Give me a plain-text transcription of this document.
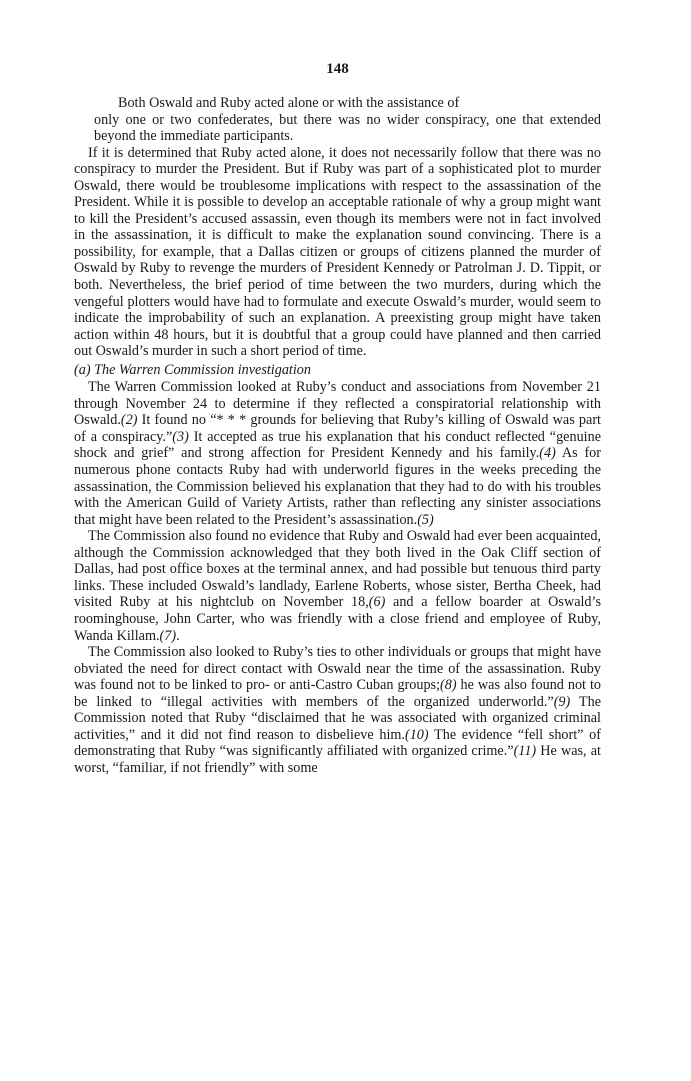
148

Both Oswald and Ruby acted alone or with the assistance of
only one or two confederates, but there was no wider conspiracy, one that extended beyond the immediate participants.

If it is determined that Ruby acted alone, it does not necessarily follow that there was no conspiracy to murder the President. But if Ruby was part of a sophisticated plot to murder Oswald, there would be troublesome implications with respect to the assassination of the President. While it is possible to develop an acceptable rationale of why a group might want to kill the President’s accused assassin, even though its members were not in fact involved in the assassination, it is difficult to make the explanation sound convincing. There is a possibility, for example, that a Dallas citizen or groups of citizens planned the murder of Oswald by Ruby to revenge the murders of President Kennedy or Patrolman J. D. Tippit, or both. Nevertheless, the brief period of time between the two murders, during which the vengeful plotters would have had to formulate and execute Oswald’s murder, would seem to indicate the improbability of such an explanation. A preexisting group might have taken action within 48 hours, but it is doubtful that a group could have planned and then carried out Oswald’s murder in such a short period of time.

(a) The Warren Commission investigation

The Warren Commission looked at Ruby’s conduct and associations from November 21 through November 24 to determine if they reflected a conspiratorial relationship with Oswald.(2) It found no “* * * grounds for believing that Ruby’s killing of Oswald was part of a conspiracy.”(3) It accepted as true his explanation that his conduct reflected “genuine shock and grief” and strong affection for President Kennedy and his family.(4) As for numerous phone contacts Ruby had with underworld figures in the weeks preceding the assassination, the Commission believed his explanation that they had to do with his troubles with the American Guild of Variety Artists, rather than reflecting any sinister associations that might have been related to the President’s assassination.(5)

The Commission also found no evidence that Ruby and Oswald had ever been acquainted, although the Commission acknowledged that they both lived in the Oak Cliff section of Dallas, had post office boxes at the terminal annex, and had possible but tenuous third party links. These included Oswald’s landlady, Earlene Roberts, whose sister, Bertha Cheek, had visited Ruby at his nightclub on November 18,(6) and a fellow boarder at Oswald’s roominghouse, John Carter, who was friendly with a close friend and employee of Ruby, Wanda Killam.(7).

The Commission also looked to Ruby’s ties to other individuals or groups that might have obviated the need for direct contact with Oswald near the time of the assassination. Ruby was found not to be linked to pro- or anti-Castro Cuban groups;(8) he was also found not to be linked to “illegal activities with members of the organized underworld.”(9) The Commission noted that Ruby “disclaimed that he was associated with organized criminal activities,” and it did not find reason to disbelieve him.(10) The evidence “fell short” of demonstrating that Ruby “was significantly affiliated with organized crime.”(11) He was, at worst, “familiar, if not friendly” with some
